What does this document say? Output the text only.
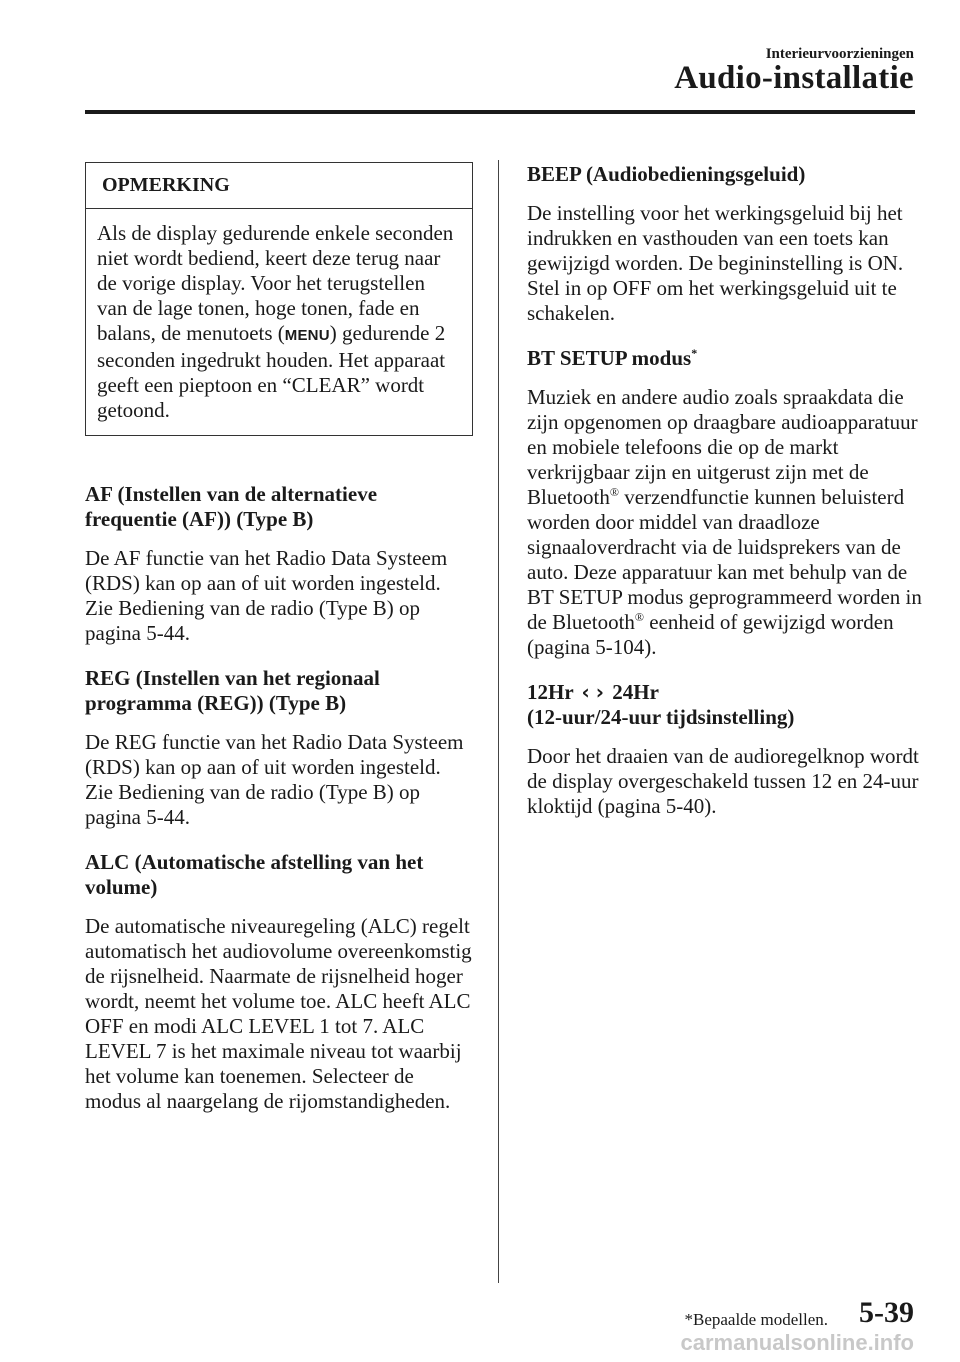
Interieurvoorzieningen
Audio-installatie
OPMERKING
Als de display gedurende enkele seconden niet wordt bediend, keert deze terug naar de vorige display. Voor het terugstellen van de lage tonen, hoge tonen, fade en balans, de menutoets (MENU) gedurende 2 seconden ingedrukt houden. Het apparaat geeft een pieptoon en “CLEAR” wordt getoond.

AF (Instellen van de alternatieve frequentie (AF)) (Type B)

De AF functie van het Radio Data Systeem (RDS) kan op aan of uit worden ingesteld. Zie Bediening van de radio (Type B) op pagina 5-44.

REG (Instellen van het regionaal programma (REG)) (Type B)

De REG functie van het Radio Data Systeem (RDS) kan op aan of uit worden ingesteld.
Zie Bediening van de radio (Type B) op pagina 5-44.

ALC (Automatische afstelling van het volume)

De automatische niveauregeling (ALC) regelt automatisch het audiovolume overeenkomstig de rijsnelheid. Naarmate de rijsnelheid hoger wordt, neemt het volume toe. ALC heeft ALC OFF en modi ALC LEVEL 1 tot 7. ALC LEVEL 7 is het maximale niveau tot waarbij het volume kan toenemen. Selecteer de modus al naargelang de rijomstandigheden.

BEEP (Audiobedieningsgeluid)

De instelling voor het werkingsgeluid bij het indrukken en vasthouden van een toets kan gewijzigd worden. De begininstelling is ON. Stel in op OFF om het werkingsgeluid uit te schakelen.

BT SETUP modus*

Muziek en andere audio zoals spraakdata die zijn opgenomen op draagbare audioapparatuur en mobiele telefoons die op de markt verkrijgbaar zijn en uitgerust zijn met de Bluetooth® verzendfunctie kunnen beluisterd worden door middel van draadloze signaaloverdracht via de luidsprekers van de auto. Deze apparatuur kan met behulp van de BT SETUP modus geprogrammeerd worden in de Bluetooth® eenheid of gewijzigd worden (pagina 5-104).

12Hr ‹ › 24Hr
(12-uur/24-uur tijdsinstelling)

Door het draaien van de audioregelknop wordt de display overgeschakeld tussen 12 en 24-uur kloktijd (pagina 5-40).

*Bepaalde modellen. 5-39
carmanualsonline.info
